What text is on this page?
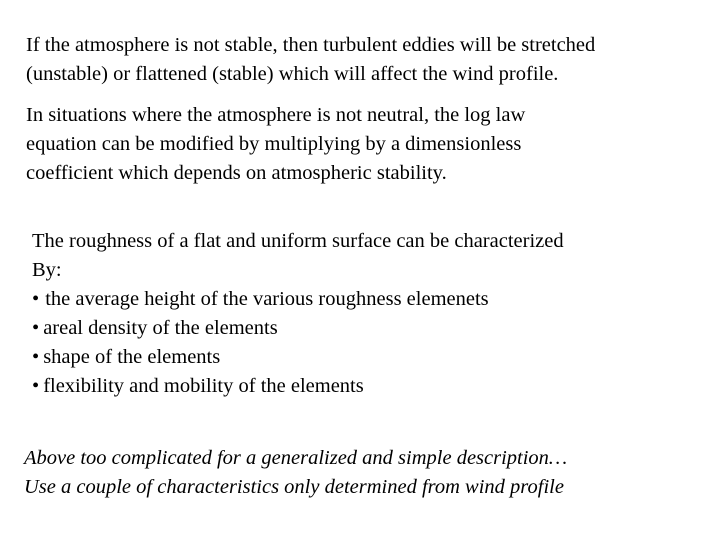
If the atmosphere is not stable, then turbulent eddies will be stretched
(unstable) or flattened (stable) which will affect the wind profile.
In situations where the atmosphere is not neutral, the log law
equation can be modified by multiplying by a dimensionless
coefficient which depends on atmospheric stability.
The roughness of a flat and uniform surface can be characterized
By:
• the average height of the various roughness elemenets
• areal density of the elements
• shape of the elements
• flexibility and mobility of the elements
Above too complicated for a generalized and simple description…
Use a couple of characteristics only determined from wind profile
